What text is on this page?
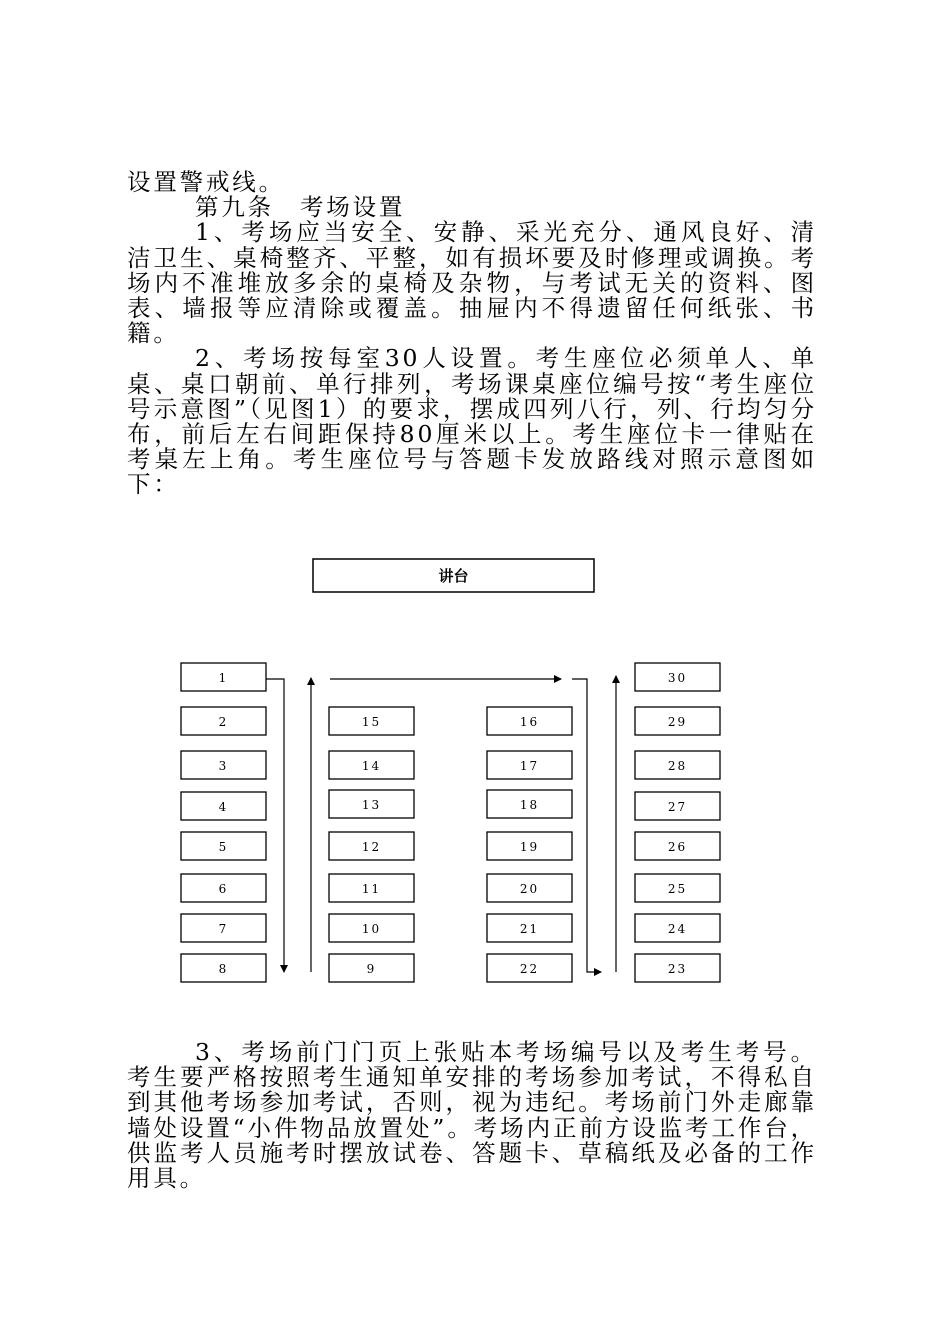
设置警戒线。

第九条 考场设置

1、考场应当安全、安静、采光充分、通风良好、清洁卫生、桌椅整齐、平整，如有损坏要及时修理或调换。考场内不准堆放多余的桌椅及杂物，与考试无关的资料、图表、墙报等应清除或覆盖。抽屉内不得遗留任何纸张、书籍。

2、考场按每室30人设置。考生座位必须单人、单桌、桌口朝前、单行排列，考场课桌座位编号按“考生座位号示意图”（见图1）的要求，摆成四列八行，列、行均匀分布，前后左右间距保持80厘米以上。考生座位卡一律贴在考桌左上角。考生座位号与答题卡发放路线对照示意图如下：

讲台
1
2
3
4
5
6
7
8
15
14
13
12
11
10
9
16
17
18
19
20
21
22
30
29
28
27
26
25
24
23

3、考场前门门页上张贴本考场编号以及考生考号。考生要严格按照考生通知单安排的考场参加考试，不得私自到其他考场参加考试，否则，视为违纪。考场前门外走廊靠墙处设置“小件物品放置处”。考场内正前方设监考工作台，供监考人员施考时摆放试卷、答题卡、草稿纸及必备的工作用具。
